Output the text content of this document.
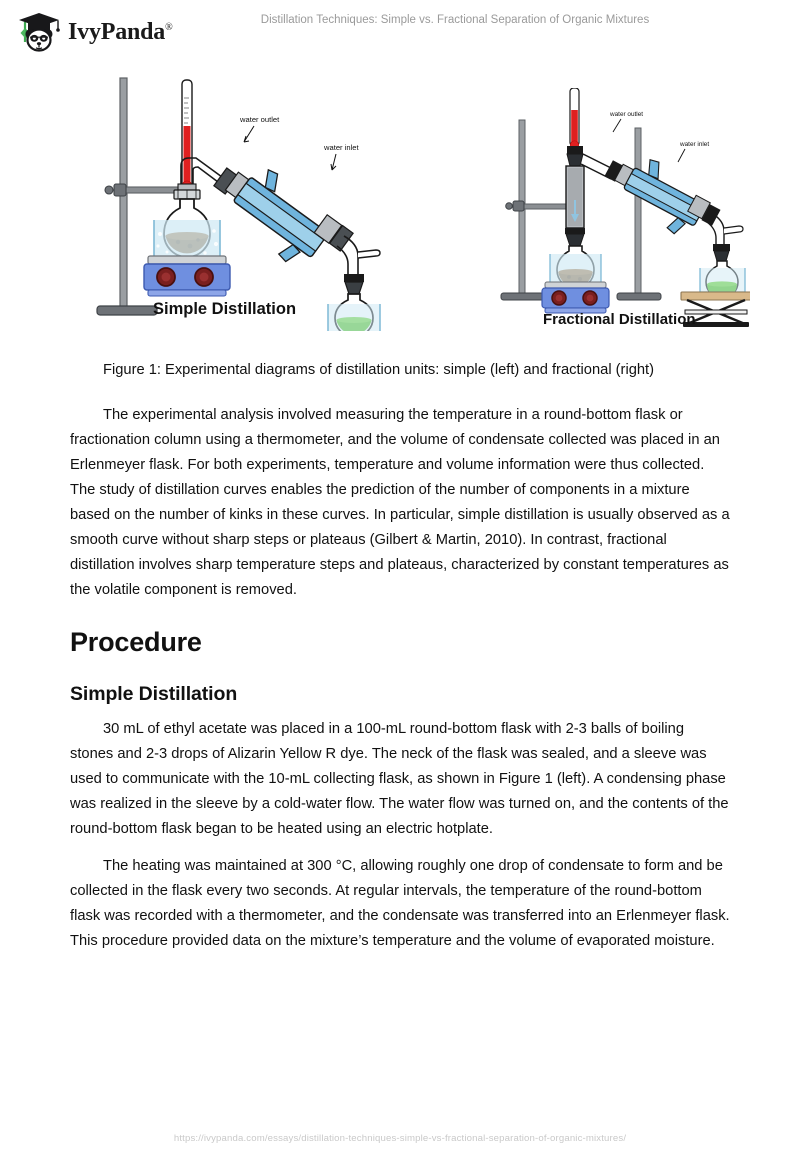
IvyPanda®
Distillation Techniques: Simple vs. Fractional Separation of Organic Mixtures
water outlet
water inlet
Simple Distillation
water outlet
water inlet
Fractional Distillation

Figure 1: Experimental diagrams of distillation units: simple (left) and fractional (right)

The experimental analysis involved measuring the temperature in a round-bottom flask or fractionation column using a thermometer, and the volume of condensate collected was placed in an Erlenmeyer flask. For both experiments, temperature and volume information were thus collected. The study of distillation curves enables the prediction of the number of components in a mixture based on the number of kinks in these curves. In particular, simple distillation is usually observed as a smooth curve without sharp steps or plateaus (Gilbert & Martin, 2010). In contrast, fractional distillation involves sharp temperature steps and plateaus, characterized by constant temperatures as the volatile component is removed.

Procedure
Simple Distillation

30 mL of ethyl acetate was placed in a 100-mL round-bottom flask with 2-3 balls of boiling stones and 2-3 drops of Alizarin Yellow R dye. The neck of the flask was sealed, and a sleeve was used to communicate with the 10-mL collecting flask, as shown in Figure 1 (left). A condensing phase was realized in the sleeve by a cold-water flow. The water flow was turned on, and the contents of the round-bottom flask began to be heated using an electric hotplate.

The heating was maintained at 300 °C, allowing roughly one drop of condensate to form and be collected in the flask every two seconds. At regular intervals, the temperature of the round-bottom flask was recorded with a thermometer, and the condensate was transferred into an Erlenmeyer flask. This procedure provided data on the mixture’s temperature and the volume of evaporated moisture.

https://ivypanda.com/essays/distillation-techniques-simple-vs-fractional-separation-of-organic-mixtures/
